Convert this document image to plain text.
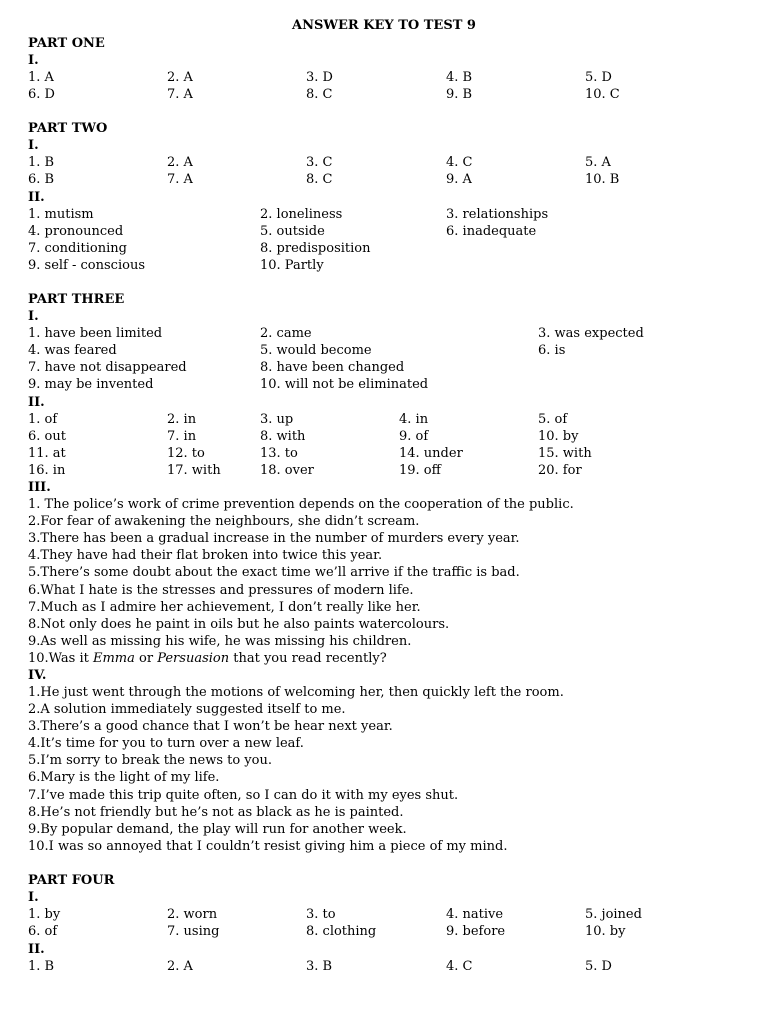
ANSWER KEY TO TEST 9
PART ONE
I.
1. A	2. A	3. D	4. B	5. D
6. D	7. A	8. C	9. B	10. C
PART TWO
I.
1. B	2. A	3. C	4. C	5. A
6. B	7. A	8. C	9. A	10. B
II.
1. mutism	2. loneliness	3. relationships
4. pronounced	5. outside	6. inadequate
7. conditioning	8. predisposition
9. self - conscious	10. Partly
PART THREE
I.
1. have been limited	2. came	3. was expected
4. was feared	5. would become	6. is
7. have not disappeared	8. have been changed
9. may be invented	10. will not be eliminated
II.
1. of	2. in	3. up	4. in	5. of
6. out	7. in	8. with	9. of	10. by
11. at	12. to	13. to	14. under	15. with
16. in	17. with	18. over	19. off	20. for
III.
1. The police’s work of crime prevention depends on the cooperation of the public.
2.For fear of awakening the neighbours, she didn’t scream.
3.There has been a gradual increase in the number of murders every year.
4.They have had their flat broken into twice this year.
5.There’s some doubt about the exact time we’ll arrive if the traffic is bad.
6.What I hate is the stresses and pressures of modern life.
7.Much as I admire her achievement, I don’t really like her.
8.Not only does he paint in oils but he also paints watercolours.
9.As well as missing his wife, he was missing his children.
10.Was it Emma or Persuasion that you read recently?
IV.
1.He just went through the motions of welcoming her, then quickly left the room.
2.A solution immediately suggested itself to me.
3.There’s a good chance that I won’t be hear next year.
4.It’s time for you to turn over a new leaf.
5.I’m sorry to break the news to you.
6.Mary is the light of my life.
7.I’ve made this trip quite often, so I can do it with my eyes shut.
8.He’s not friendly but he’s not as black as he is painted.
9.By popular demand, the play will run for another week.
10.I was so annoyed that I couldn’t resist giving him a piece of my mind.
PART FOUR
I.
1. by	2. worn	3. to	4. native	5. joined
6. of	7. using	8. clothing	9. before	10. by
II.
1. B	2. A	3. B	4. C	5. D
